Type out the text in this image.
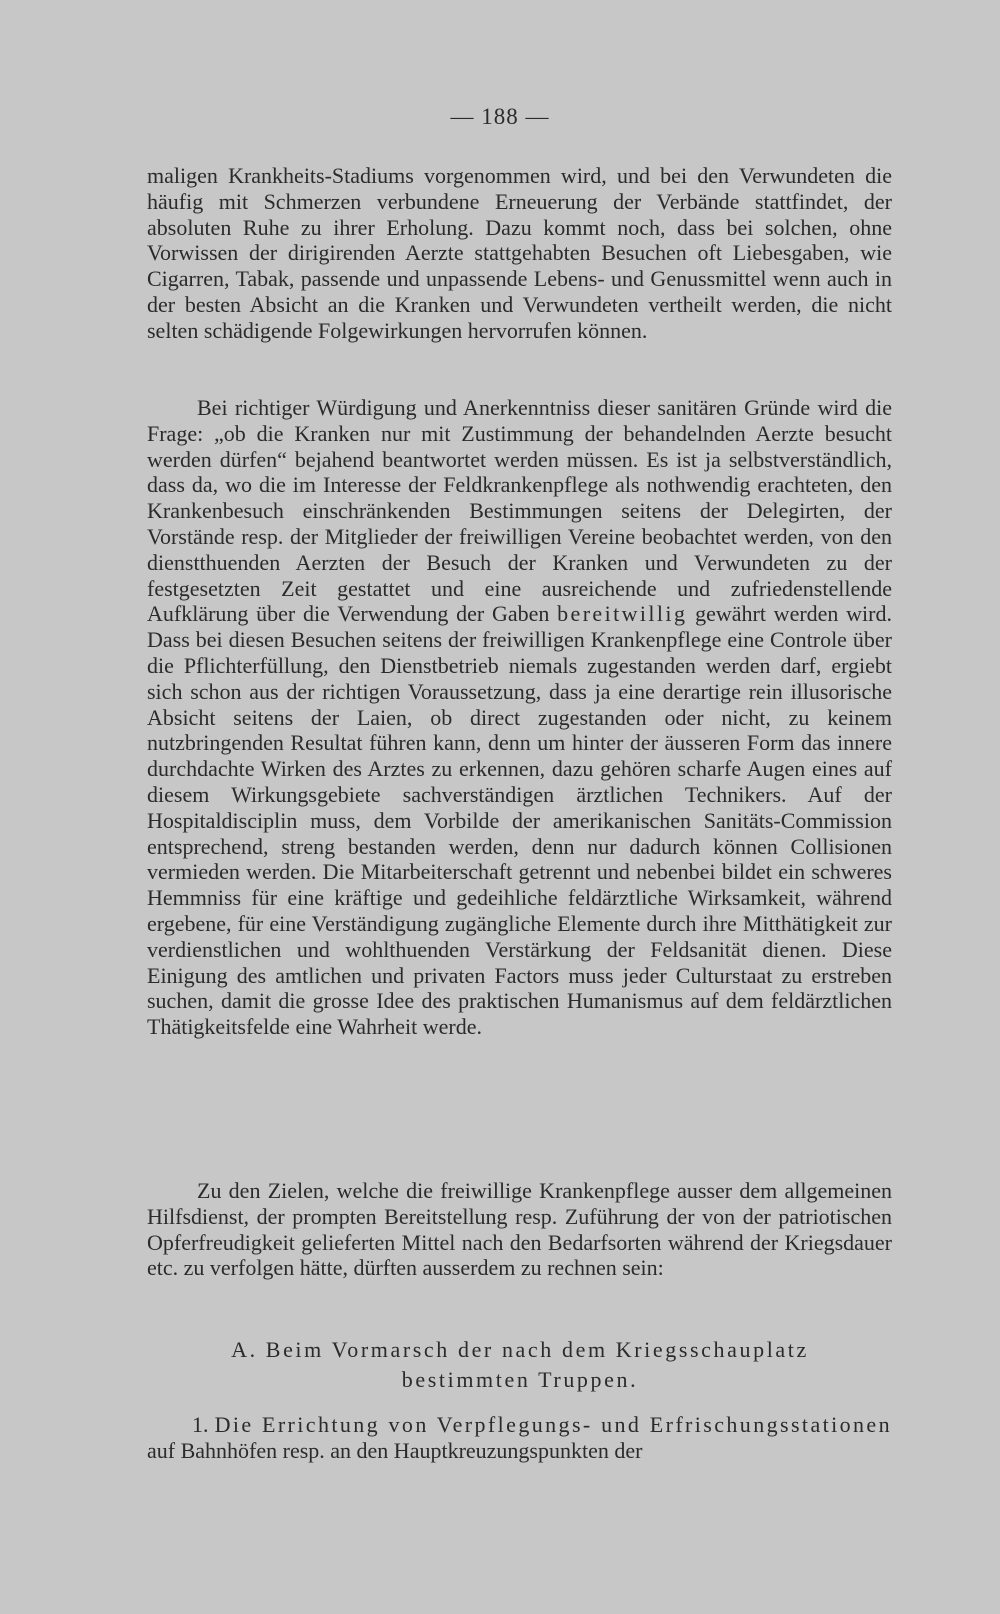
— 188 —

maligen Krankheits-Stadiums vorgenommen wird, und bei den Verwundeten die häufig mit Schmerzen verbundene Erneuerung der Verbände stattfindet, der absoluten Ruhe zu ihrer Erholung. Dazu kommt noch, dass bei solchen, ohne Vorwissen der dirigirenden Aerzte stattgehabten Besuchen oft Liebesgaben, wie Cigarren, Tabak, passende und unpassende Lebens- und Genussmittel wenn auch in der besten Absicht an die Kranken und Verwundeten vertheilt werden, die nicht selten schädigende Folgewirkungen hervorrufen können.

Bei richtiger Würdigung und Anerkenntniss dieser sanitären Gründe wird die Frage: „ob die Kranken nur mit Zustimmung der behandelnden Aerzte besucht werden dürfen“ bejahend beantwortet werden müssen. Es ist ja selbstverständlich, dass da, wo die im Interesse der Feldkrankenpflege als nothwendig erachteten, den Krankenbesuch einschränkenden Bestimmungen seitens der Delegirten, der Vorstände resp. der Mitglieder der freiwilligen Vereine beobachtet werden, von den dienstthuenden Aerzten der Besuch der Kranken und Verwundeten zu der festgesetzten Zeit gestattet und eine ausreichende und zufriedenstellende Aufklärung über die Verwendung der Gaben bereitwillig gewährt werden wird. Dass bei diesen Besuchen seitens der freiwilligen Krankenpflege eine Controle über die Pflichterfüllung, den Dienstbetrieb niemals zugestanden werden darf, ergiebt sich schon aus der richtigen Voraussetzung, dass ja eine derartige rein illusorische Absicht seitens der Laien, ob direct zugestanden oder nicht, zu keinem nutzbringenden Resultat führen kann, denn um hinter der äusseren Form das innere durchdachte Wirken des Arztes zu erkennen, dazu gehören scharfe Augen eines auf diesem Wirkungsgebiete sachverständigen ärztlichen Technikers. Auf der Hospitaldisciplin muss, dem Vorbilde der amerikanischen Sanitäts-Commission entsprechend, streng bestanden werden, denn nur dadurch können Collisionen vermieden werden. Die Mitarbeiterschaft getrennt und nebenbei bildet ein schweres Hemmniss für eine kräftige und gedeihliche feldärztliche Wirksamkeit, während ergebene, für eine Verständigung zugängliche Elemente durch ihre Mitthätigkeit zur verdienstlichen und wohlthuenden Verstärkung der Feldsanität dienen. Diese Einigung des amtlichen und privaten Factors muss jeder Culturstaat zu erstreben suchen, damit die grosse Idee des praktischen Humanismus auf dem feldärztlichen Thätigkeitsfelde eine Wahrheit werde.

Zu den Zielen, welche die freiwillige Krankenpflege ausser dem allgemeinen Hilfsdienst, der prompten Bereitstellung resp. Zuführung der von der patriotischen Opferfreudigkeit gelieferten Mittel nach den Bedarfsorten während der Kriegsdauer etc. zu verfolgen hätte, dürften ausserdem zu rechnen sein:

A. Beim Vormarsch der nach dem Kriegsschauplatz
bestimmten Truppen.
1. Die Errichtung von Verpflegungs- und Erfrischungsstationen auf Bahnhöfen resp. an den Hauptkreuzungspunkten der
